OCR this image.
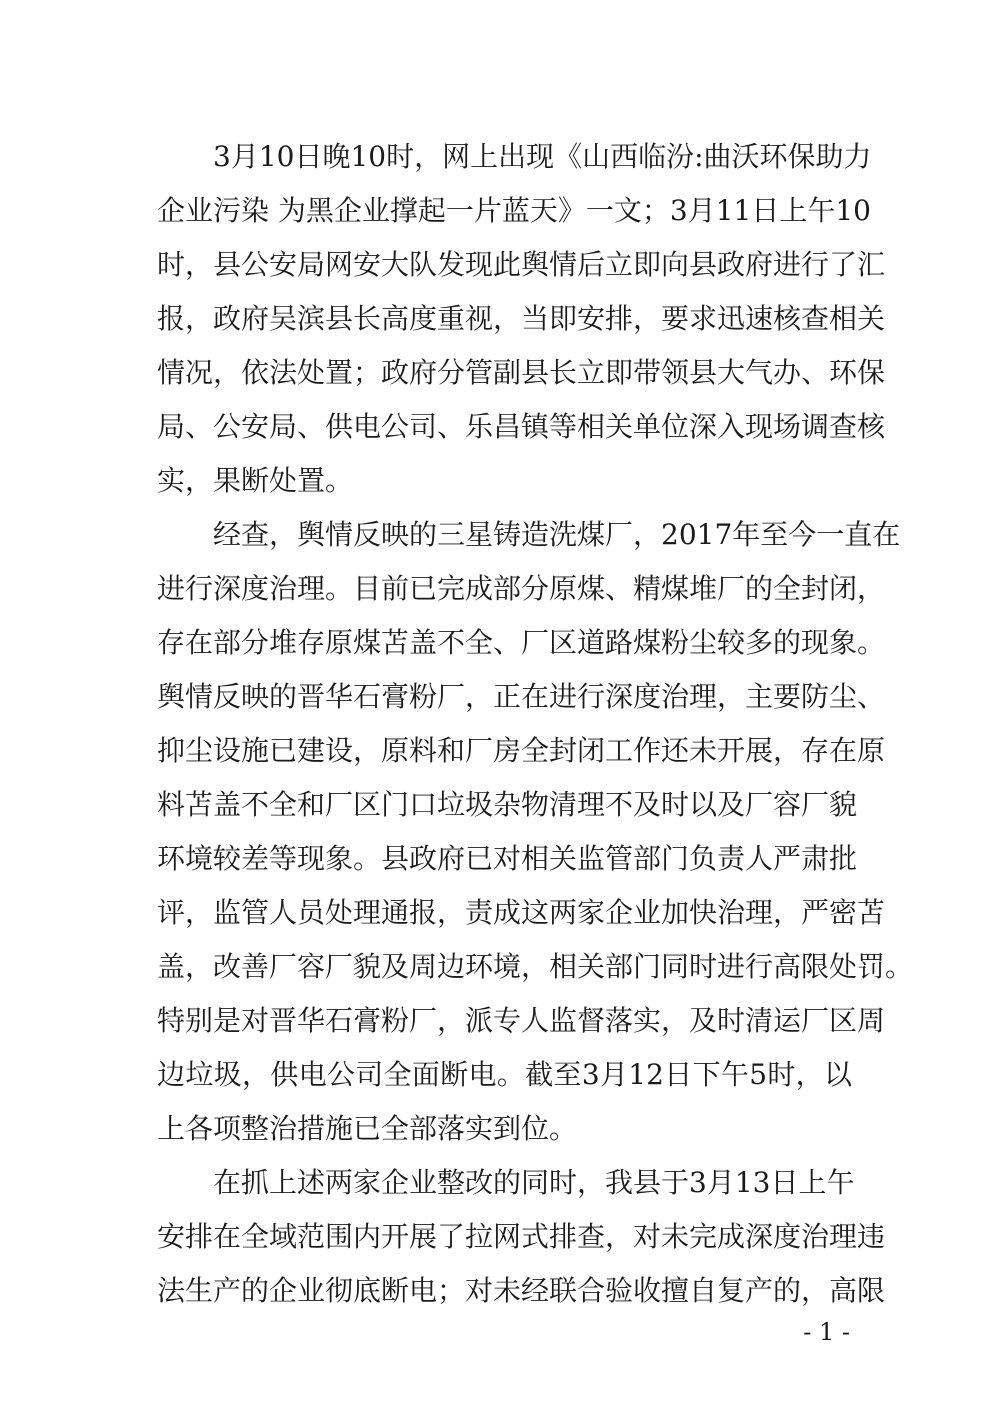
3月10日晚10时，网上出现《山西临汾:曲沃环保助力
企业污染 为黑企业撑起一片蓝天》一文；3月11日上午10
时，县公安局网安大队发现此舆情后立即向县政府进行了汇
报，政府吴滨县长高度重视，当即安排，要求迅速核查相关
情况，依法处置；政府分管副县长立即带领县大气办、环保
局、公安局、供电公司、乐昌镇等相关单位深入现场调查核
实，果断处置。
经查，舆情反映的三星铸造洗煤厂，2017年至今一直在
进行深度治理。目前已完成部分原煤、精煤堆厂的全封闭，
存在部分堆存原煤苫盖不全、厂区道路煤粉尘较多的现象。
舆情反映的晋华石膏粉厂，正在进行深度治理，主要防尘、
抑尘设施已建设，原料和厂房全封闭工作还未开展，存在原
料苫盖不全和厂区门口垃圾杂物清理不及时以及厂容厂貌
环境较差等现象。县政府已对相关监管部门负责人严肃批
评，监管人员处理通报，责成这两家企业加快治理，严密苫
盖，改善厂容厂貌及周边环境，相关部门同时进行高限处罚。
特别是对晋华石膏粉厂，派专人监督落实，及时清运厂区周
边垃圾，供电公司全面断电。截至3月12日下午5时，以
上各项整治措施已全部落实到位。
在抓上述两家企业整改的同时，我县于3月13日上午
安排在全域范围内开展了拉网式排查，对未完成深度治理违
法生产的企业彻底断电；对未经联合验收擅自复产的，高限
- 1 -
